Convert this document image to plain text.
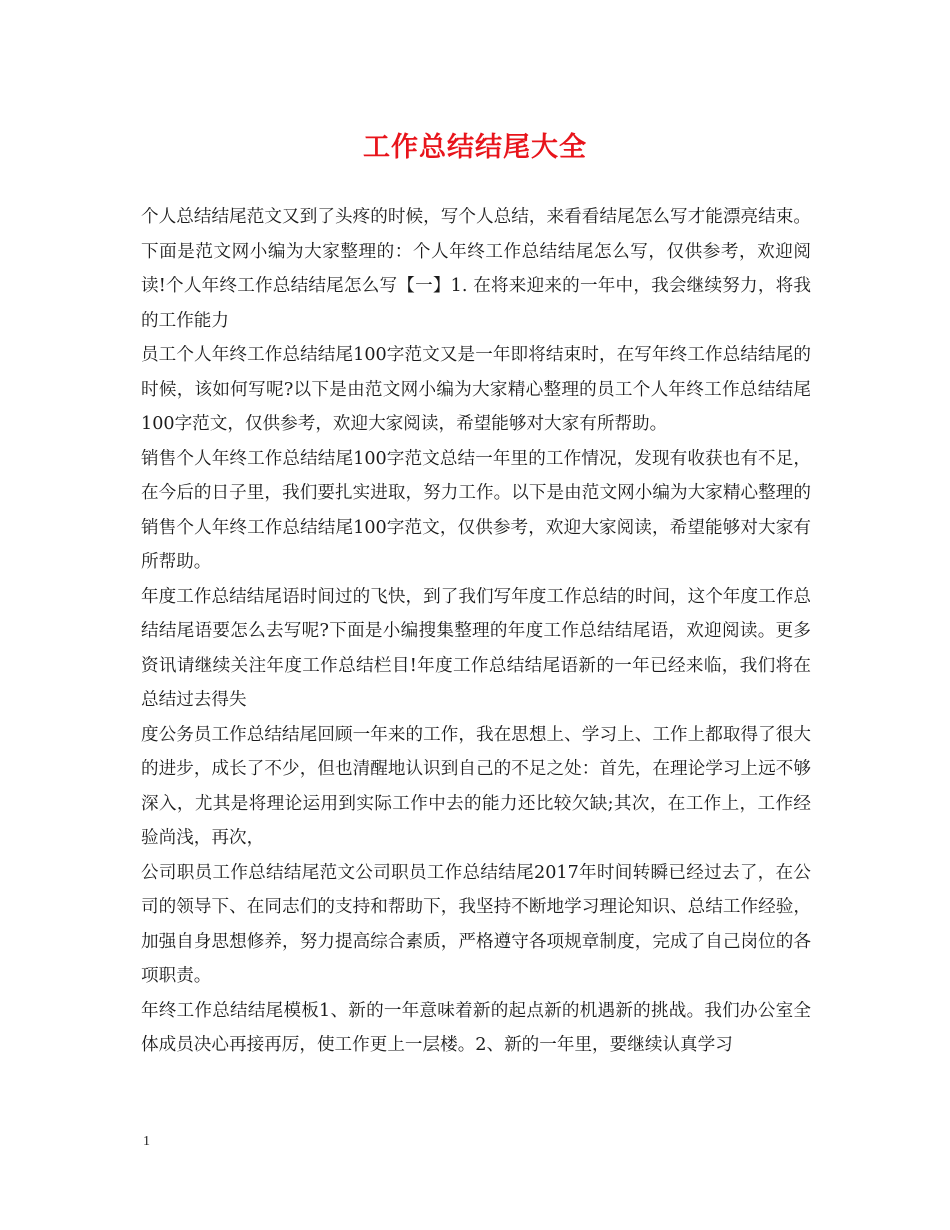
工作总结结尾大全

个人总结结尾范文又到了头疼的时候，写个人总结，来看看结尾怎么写才能漂亮结束。下面是范文网小编为大家整理的：个人年终工作总结结尾怎么写，仅供参考，欢迎阅读!个人年终工作总结结尾怎么写【一】1. 在将来迎来的一年中，我会继续努力，将我的工作能力

员工个人年终工作总结结尾100字范文又是一年即将结束时，在写年终工作总结结尾的时候，该如何写呢?以下是由范文网小编为大家精心整理的员工个人年终工作总结结尾100字范文，仅供参考，欢迎大家阅读，希望能够对大家有所帮助。

销售个人年终工作总结结尾100字范文总结一年里的工作情况，发现有收获也有不足，在今后的日子里，我们要扎实进取，努力工作。以下是由范文网小编为大家精心整理的销售个人年终工作总结结尾100字范文，仅供参考，欢迎大家阅读，希望能够对大家有所帮助。

年度工作总结结尾语时间过的飞快，到了我们写年度工作总结的时间，这个年度工作总结结尾语要怎么去写呢?下面是小编搜集整理的年度工作总结结尾语，欢迎阅读。更多资讯请继续关注年度工作总结栏目!年度工作总结结尾语新的一年已经来临，我们将在总结过去得失

度公务员工作总结结尾回顾一年来的工作，我在思想上、学习上、工作上都取得了很大的进步，成长了不少，但也清醒地认识到自己的不足之处：首先，在理论学习上远不够深入，尤其是将理论运用到实际工作中去的能力还比较欠缺;其次，在工作上，工作经验尚浅，再次，

公司职员工作总结结尾范文公司职员工作总结结尾2017年时间转瞬已经过去了，在公司的领导下、在同志们的支持和帮助下，我坚持不断地学习理论知识、总结工作经验，加强自身思想修养，努力提高综合素质，严格遵守各项规章制度，完成了自己岗位的各项职责。

年终工作总结结尾模板1、新的一年意味着新的起点新的机遇新的挑战。我们办公室全体成员决心再接再厉，使工作更上一层楼。2、新的一年里，要继续认真学习

1
